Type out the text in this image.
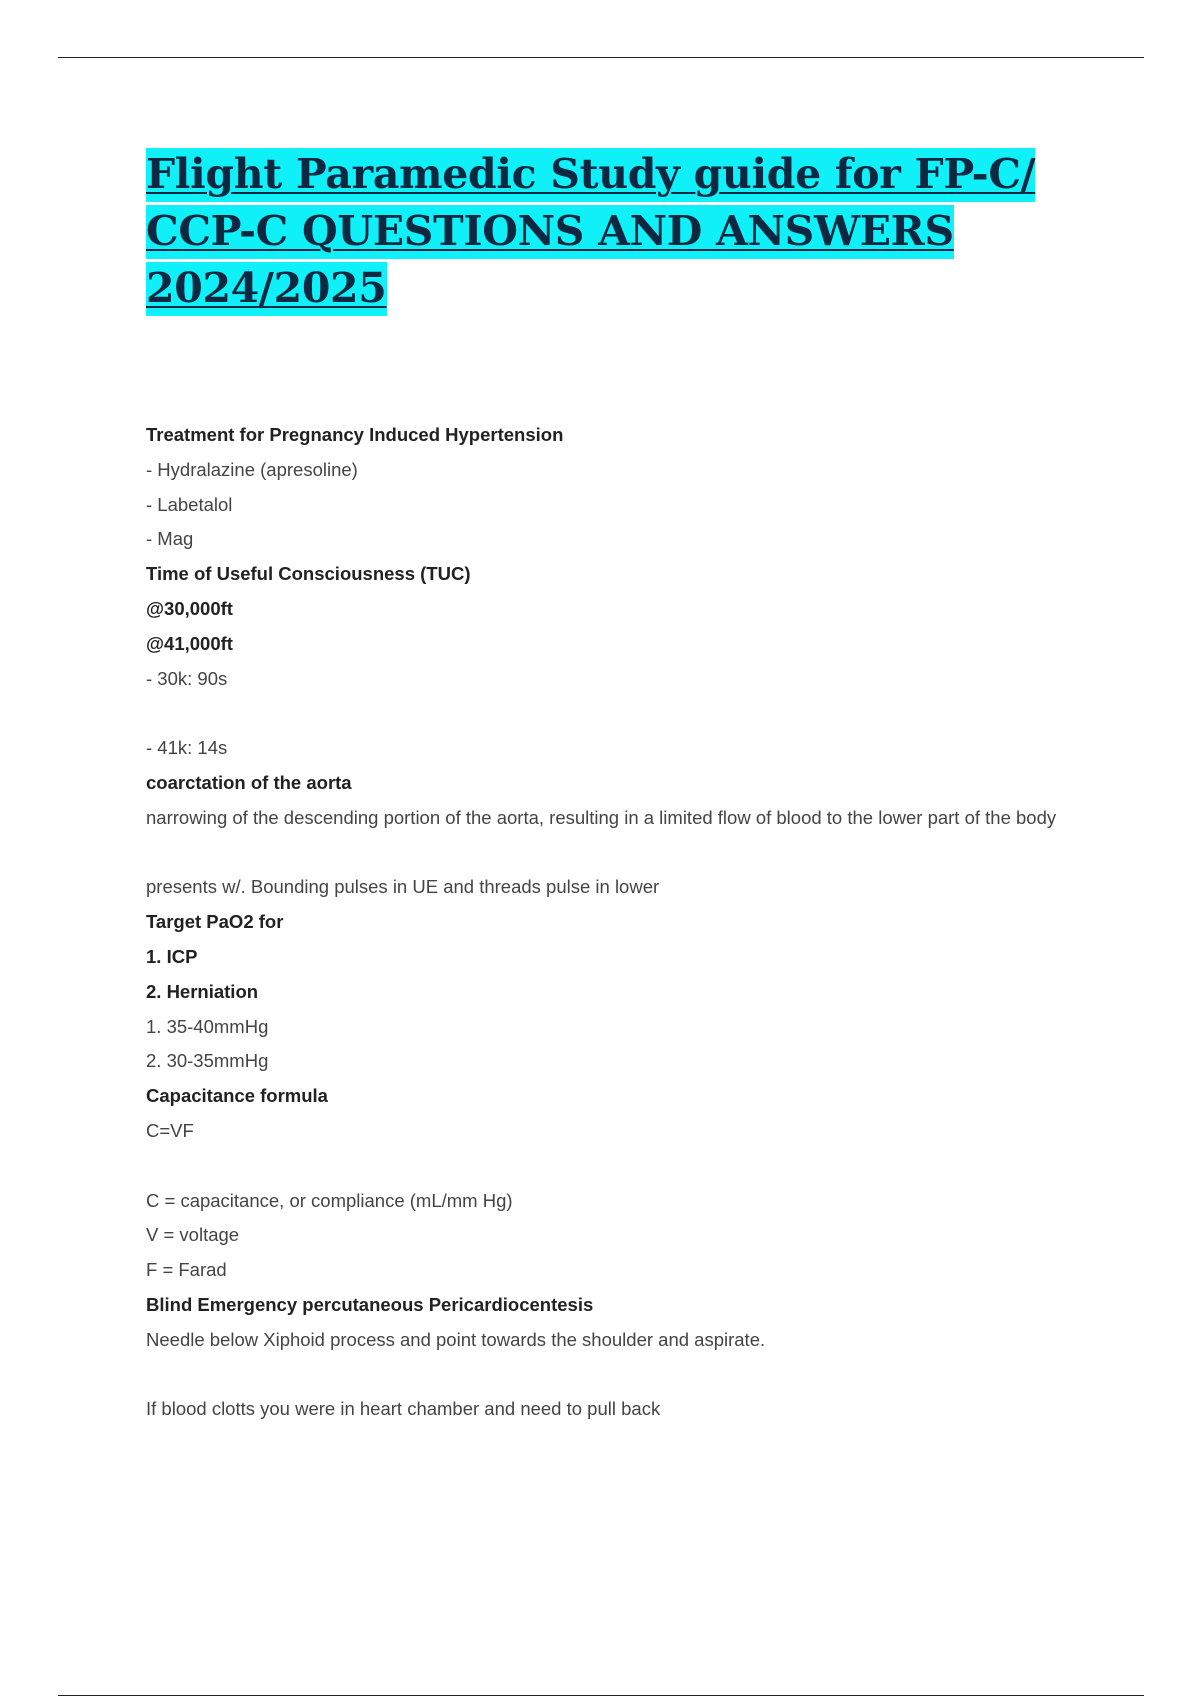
Flight Paramedic Study guide for FP-C/
CCP-C QUESTIONS AND ANSWERS
2024/2025
Treatment for Pregnancy Induced Hypertension
- Hydralazine (apresoline)
- Labetalol
- Mag
Time of Useful Consciousness (TUC)
@30,000ft
@41,000ft
- 30k: 90s
- 41k: 14s
coarctation of the aorta
narrowing of the descending portion of the aorta, resulting in a limited flow of blood to the lower part of the body
presents w/. Bounding pulses in UE and threads pulse in lower
Target PaO2 for
1. ICP
2. Herniation
1. 35-40mmHg
2. 30-35mmHg
Capacitance formula
C=VF
C = capacitance, or compliance (mL/mm Hg)
V = voltage
F = Farad
Blind Emergency percutaneous Pericardiocentesis
Needle below Xiphoid process and point towards the shoulder and aspirate.
If blood clotts you were in heart chamber and need to pull back
